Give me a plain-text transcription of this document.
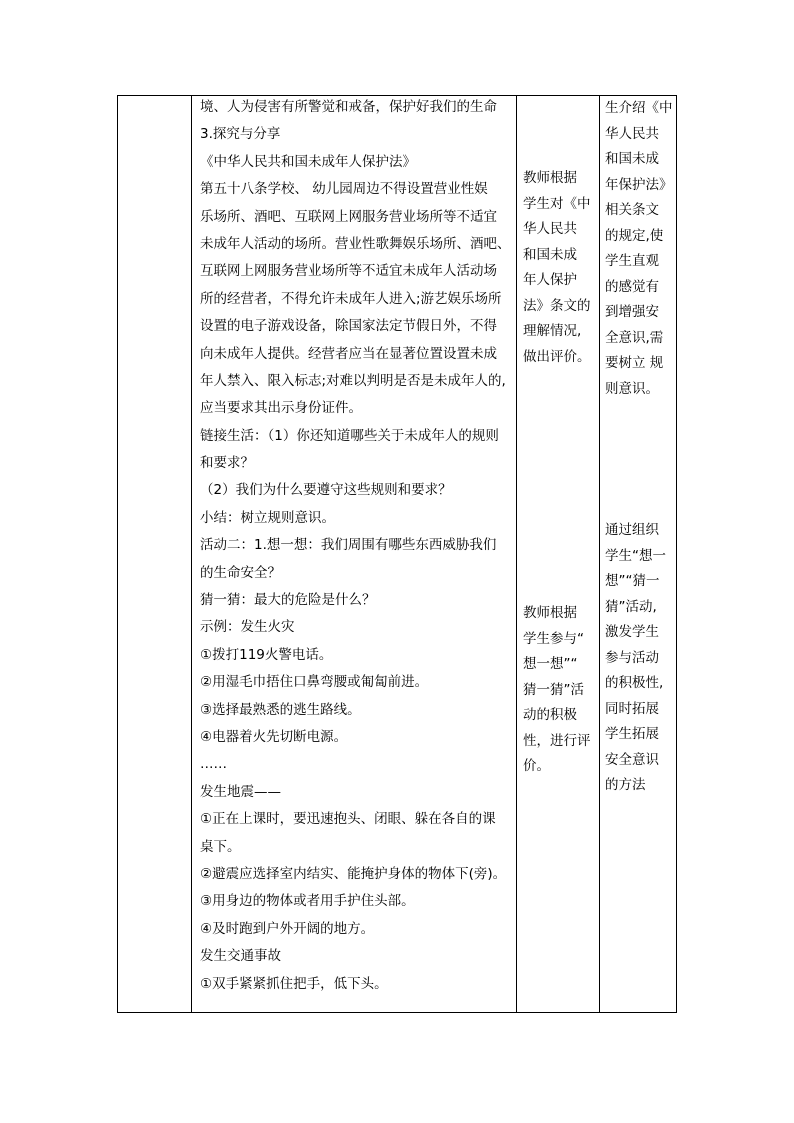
境、人为侵害有所警觉和戒备，保护好我们的生命
3.探究与分享
《中华人民共和国未成年人保护法》
第五十八条学校、 幼儿园周边不得设置营业性娱
乐场所、酒吧、互联网上网服务营业场所等不适宜
未成年人活动的场所。营业性歌舞娱乐场所、酒吧、
互联网上网服务营业场所等不适宜未成年人活动场
所的经营者，不得允许未成年人进入;游艺娱乐场所
设置的电子游戏设备，除国家法定节假日外，不得
向未成年人提供。经营者应当在显著位置设置未成
年人禁入、限入标志;对难以判明是否是未成年人的,
应当要求其出示身份证件。
链接生活：（1）你还知道哪些关于未成年人的规则
和要求？
（2）我们为什么要遵守这些规则和要求？
小结：树立规则意识。
活动二：1.想一想：我们周围有哪些东西威胁我们
的生命安全？
猜一猜：最大的危险是什么？
示例：发生火灾
①拨打119火警电话。
②用湿毛巾捂住口鼻弯腰或匍匐前进。
③选择最熟悉的逃生路线。
④电器着火先切断电源。
……
发生地震——
①正在上课时，要迅速抱头、闭眼、躲在各自的课
桌下。
②避震应选择室内结实、能掩护身体的物体下(旁)。
③用身边的物体或者用手护住头部。
④及时跑到户外开阔的地方。
发生交通事故
①双手紧紧抓住把手，低下头。
教师根据
学生对《中
华人民共
和国未成
年人保护
法》条文的
理解情况,
做出评价。
教师根据
学生参与“
想一想”“
猜一猜”活
动的积极
性，进行评
价。
生介绍《中
华人民共
和国未成
年保护法》
相关条文
的规定,使
学生直观
的感觉有
到增强安
全意识,需
要树立 规
则意识。
通过组织
学生“想一
想”“猜一
猜”活动,
激发学生
参与活动
的积极性,
同时拓展
学生拓展
安全意识
的方法
